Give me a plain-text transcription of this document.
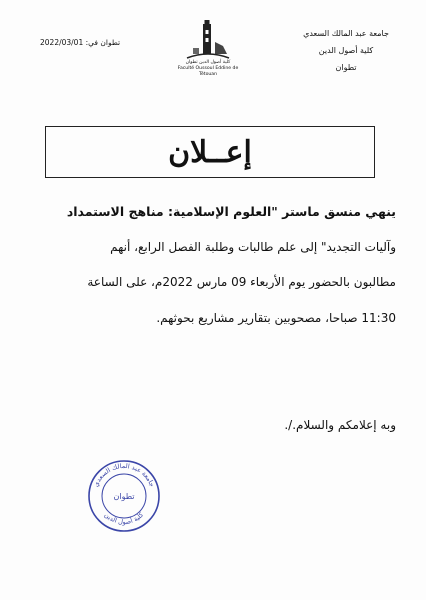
جامعة عبد المالك السعدي
كلية أصول الدين
تطوان
تطوان في: 2022/03/01
كلية أصول الدين تطوان
Faculté Oussoul Eddine de Tétouan
إعــلان
ينهي منسق ماستر "العلوم الإسلامية: مناهج الاستمداد
وآليات التجديد" إلى علم طالبات وطلبة الفصل الرابع، أنهم
مطالبون بالحضور يوم الأربعاء 09 مارس 2022م، على الساعة
11:30 صباحا، مصحوبين بتقارير مشاريع بحوثهم.
وبه إعلامكم والسلام./.
جامعة عبد المالك السعدي
كلية أصول الدين
تطوان
